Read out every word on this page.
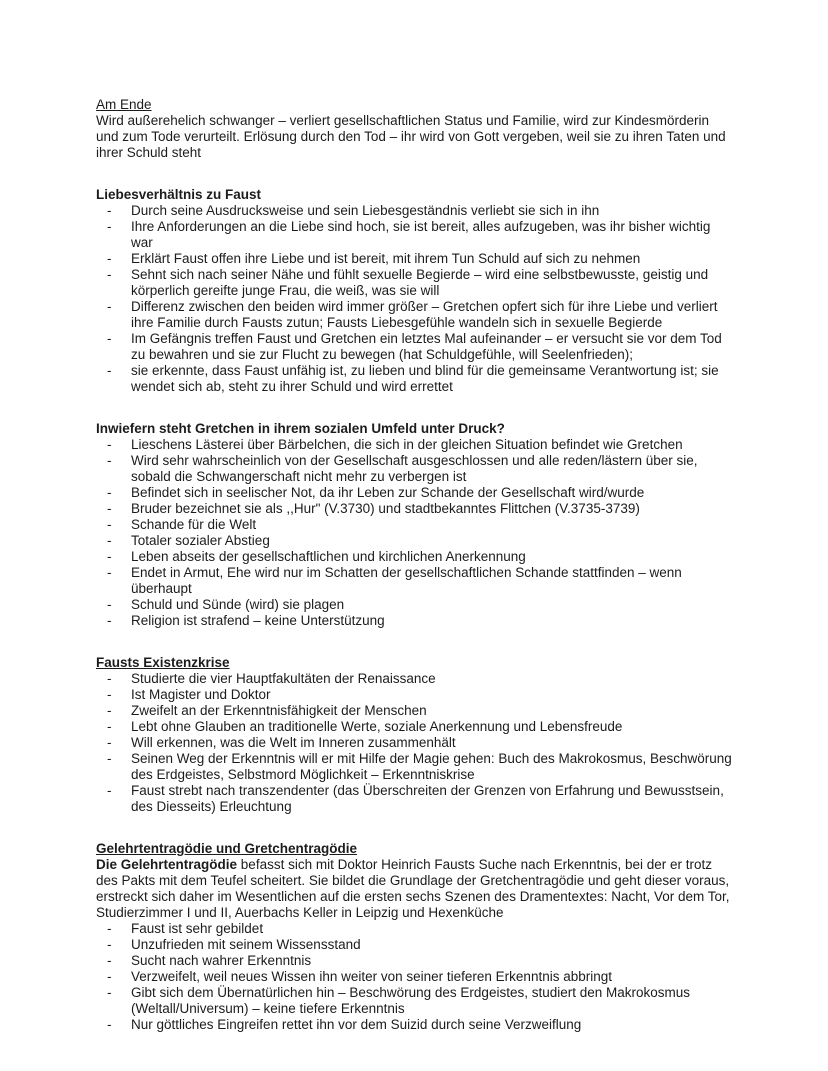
Am Ende

Wird außerehelich schwanger – verliert gesellschaftlichen Status und Familie, wird zur Kindesmörderin und zum Tode verurteilt. Erlösung durch den Tod – ihr wird von Gott vergeben, weil sie zu ihren Taten und ihrer Schuld steht

Liebesverhältnis zu Faust
- Durch seine Ausdrucksweise und sein Liebesgeständnis verliebt sie sich in ihn
- Ihre Anforderungen an die Liebe sind hoch, sie ist bereit, alles aufzugeben, was ihr bisher wichtig war
- Erklärt Faust offen ihre Liebe und ist bereit, mit ihrem Tun Schuld auf sich zu nehmen
- Sehnt sich nach seiner Nähe und fühlt sexuelle Begierde – wird eine selbstbewusste, geistig und körperlich gereifte junge Frau, die weiß, was sie will
- Differenz zwischen den beiden wird immer größer – Gretchen opfert sich für ihre Liebe und verliert ihre Familie durch Fausts zutun; Fausts Liebesgefühle wandeln sich in sexuelle Begierde
- Im Gefängnis treffen Faust und Gretchen ein letztes Mal aufeinander – er versucht sie vor dem Tod zu bewahren und sie zur Flucht zu bewegen (hat Schuldgefühle, will Seelenfrieden);
- sie erkennte, dass Faust unfähig ist, zu lieben und blind für die gemeinsame Verantwortung ist; sie wendet sich ab, steht zu ihrer Schuld und wird errettet
Inwiefern steht Gretchen in ihrem sozialen Umfeld unter Druck?
- Lieschens Lästerei über Bärbelchen, die sich in der gleichen Situation befindet wie Gretchen
- Wird sehr wahrscheinlich von der Gesellschaft ausgeschlossen und alle reden/lästern über sie, sobald die Schwangerschaft nicht mehr zu verbergen ist
- Befindet sich in seelischer Not, da ihr Leben zur Schande der Gesellschaft wird/wurde
- Bruder bezeichnet sie als ,,Hur" (V.3730) und stadtbekanntes Flittchen (V.3735-3739)
- Schande für die Welt
- Totaler sozialer Abstieg
- Leben abseits der gesellschaftlichen und kirchlichen Anerkennung
- Endet in Armut, Ehe wird nur im Schatten der gesellschaftlichen Schande stattfinden – wenn überhaupt
- Schuld und Sünde (wird) sie plagen
- Religion ist strafend – keine Unterstützung
Fausts Existenzkrise
- Studierte die vier Hauptfakultäten der Renaissance
- Ist Magister und Doktor
- Zweifelt an der Erkenntnisfähigkeit der Menschen
- Lebt ohne Glauben an traditionelle Werte, soziale Anerkennung und Lebensfreude
- Will erkennen, was die Welt im Inneren zusammenhält
- Seinen Weg der Erkenntnis will er mit Hilfe der Magie gehen: Buch des Makrokosmus, Beschwörung des Erdgeistes, Selbstmord Möglichkeit – Erkenntniskrise
- Faust strebt nach transzendenter (das Überschreiten der Grenzen von Erfahrung und Bewusstsein, des Diesseits) Erleuchtung
Gelehrtentragödie und Gretchentragödie

Die Gelehrtentragödie befasst sich mit Doktor Heinrich Fausts Suche nach Erkenntnis, bei der er trotz des Pakts mit dem Teufel scheitert. Sie bildet die Grundlage der Gretchentragödie und geht dieser voraus, erstreckt sich daher im Wesentlichen auf die ersten sechs Szenen des Dramentextes: Nacht, Vor dem Tor, Studierzimmer I und II, Auerbachs Keller in Leipzig und Hexenküche

- Faust ist sehr gebildet
- Unzufrieden mit seinem Wissensstand
- Sucht nach wahrer Erkenntnis
- Verzweifelt, weil neues Wissen ihn weiter von seiner tieferen Erkenntnis abbringt
- Gibt sich dem Übernatürlichen hin – Beschwörung des Erdgeistes, studiert den Makrokosmus (Weltall/Universum) – keine tiefere Erkenntnis
- Nur göttliches Eingreifen rettet ihn vor dem Suizid durch seine Verzweiflung
